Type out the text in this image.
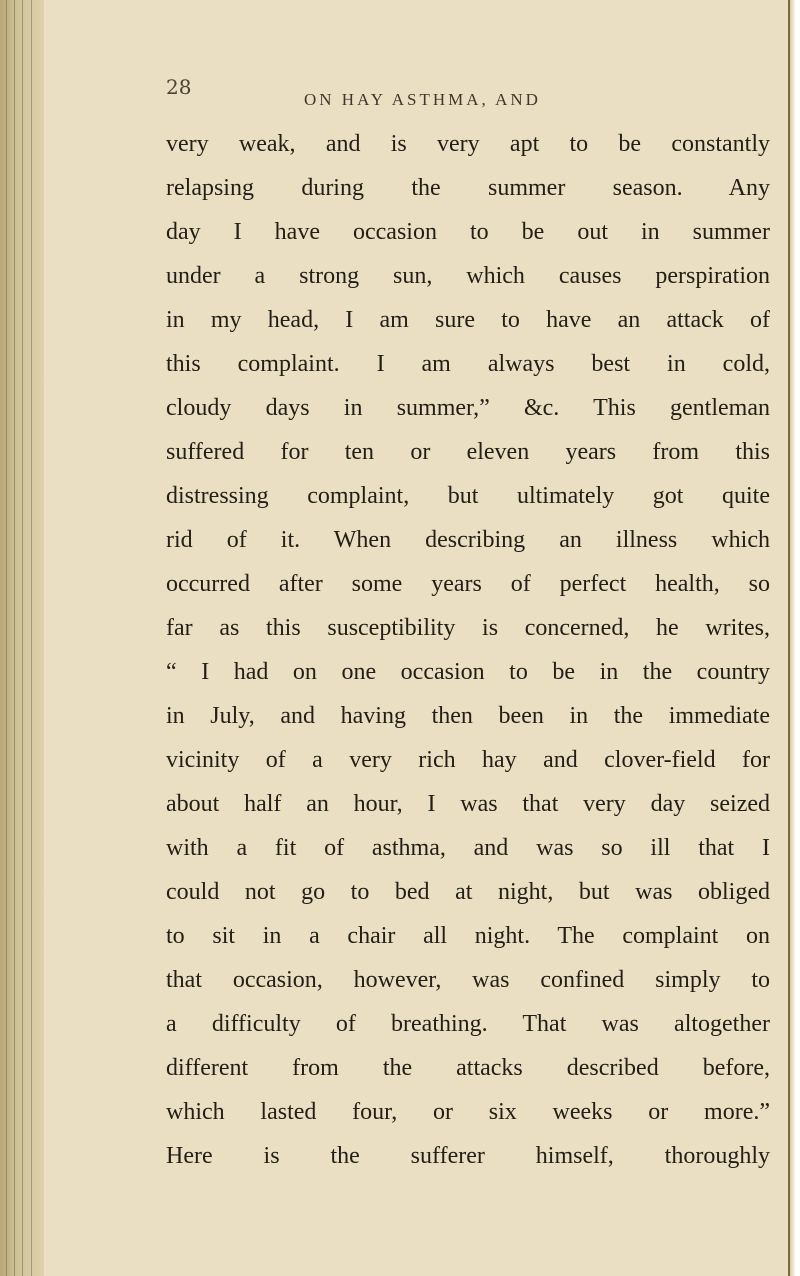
28

ON HAY ASTHMA, AND

very weak, and is very apt to be constantly
relapsing during the summer season. Any
day I have occasion to be out in summer
under a strong sun, which causes perspiration
in my head, I am sure to have an attack of
this complaint. I am always best in cold,
cloudy days in summer,” &c. This gentleman
suffered for ten or eleven years from this
distressing complaint, but ultimately got quite
rid of it. When describing an illness which
occurred after some years of perfect health, so
far as this susceptibility is concerned, he writes,
“ I had on one occasion to be in the country
in July, and having then been in the immediate
vicinity of a very rich hay and clover-field for
about half an hour, I was that very day seized
with a fit of asthma, and was so ill that I
could not go to bed at night, but was obliged
to sit in a chair all night. The complaint on
that occasion, however, was confined simply to
a difficulty of breathing. That was altogether
different from the attacks described before,
which lasted four, or six weeks or more.”
Here is the sufferer himself, thoroughly
